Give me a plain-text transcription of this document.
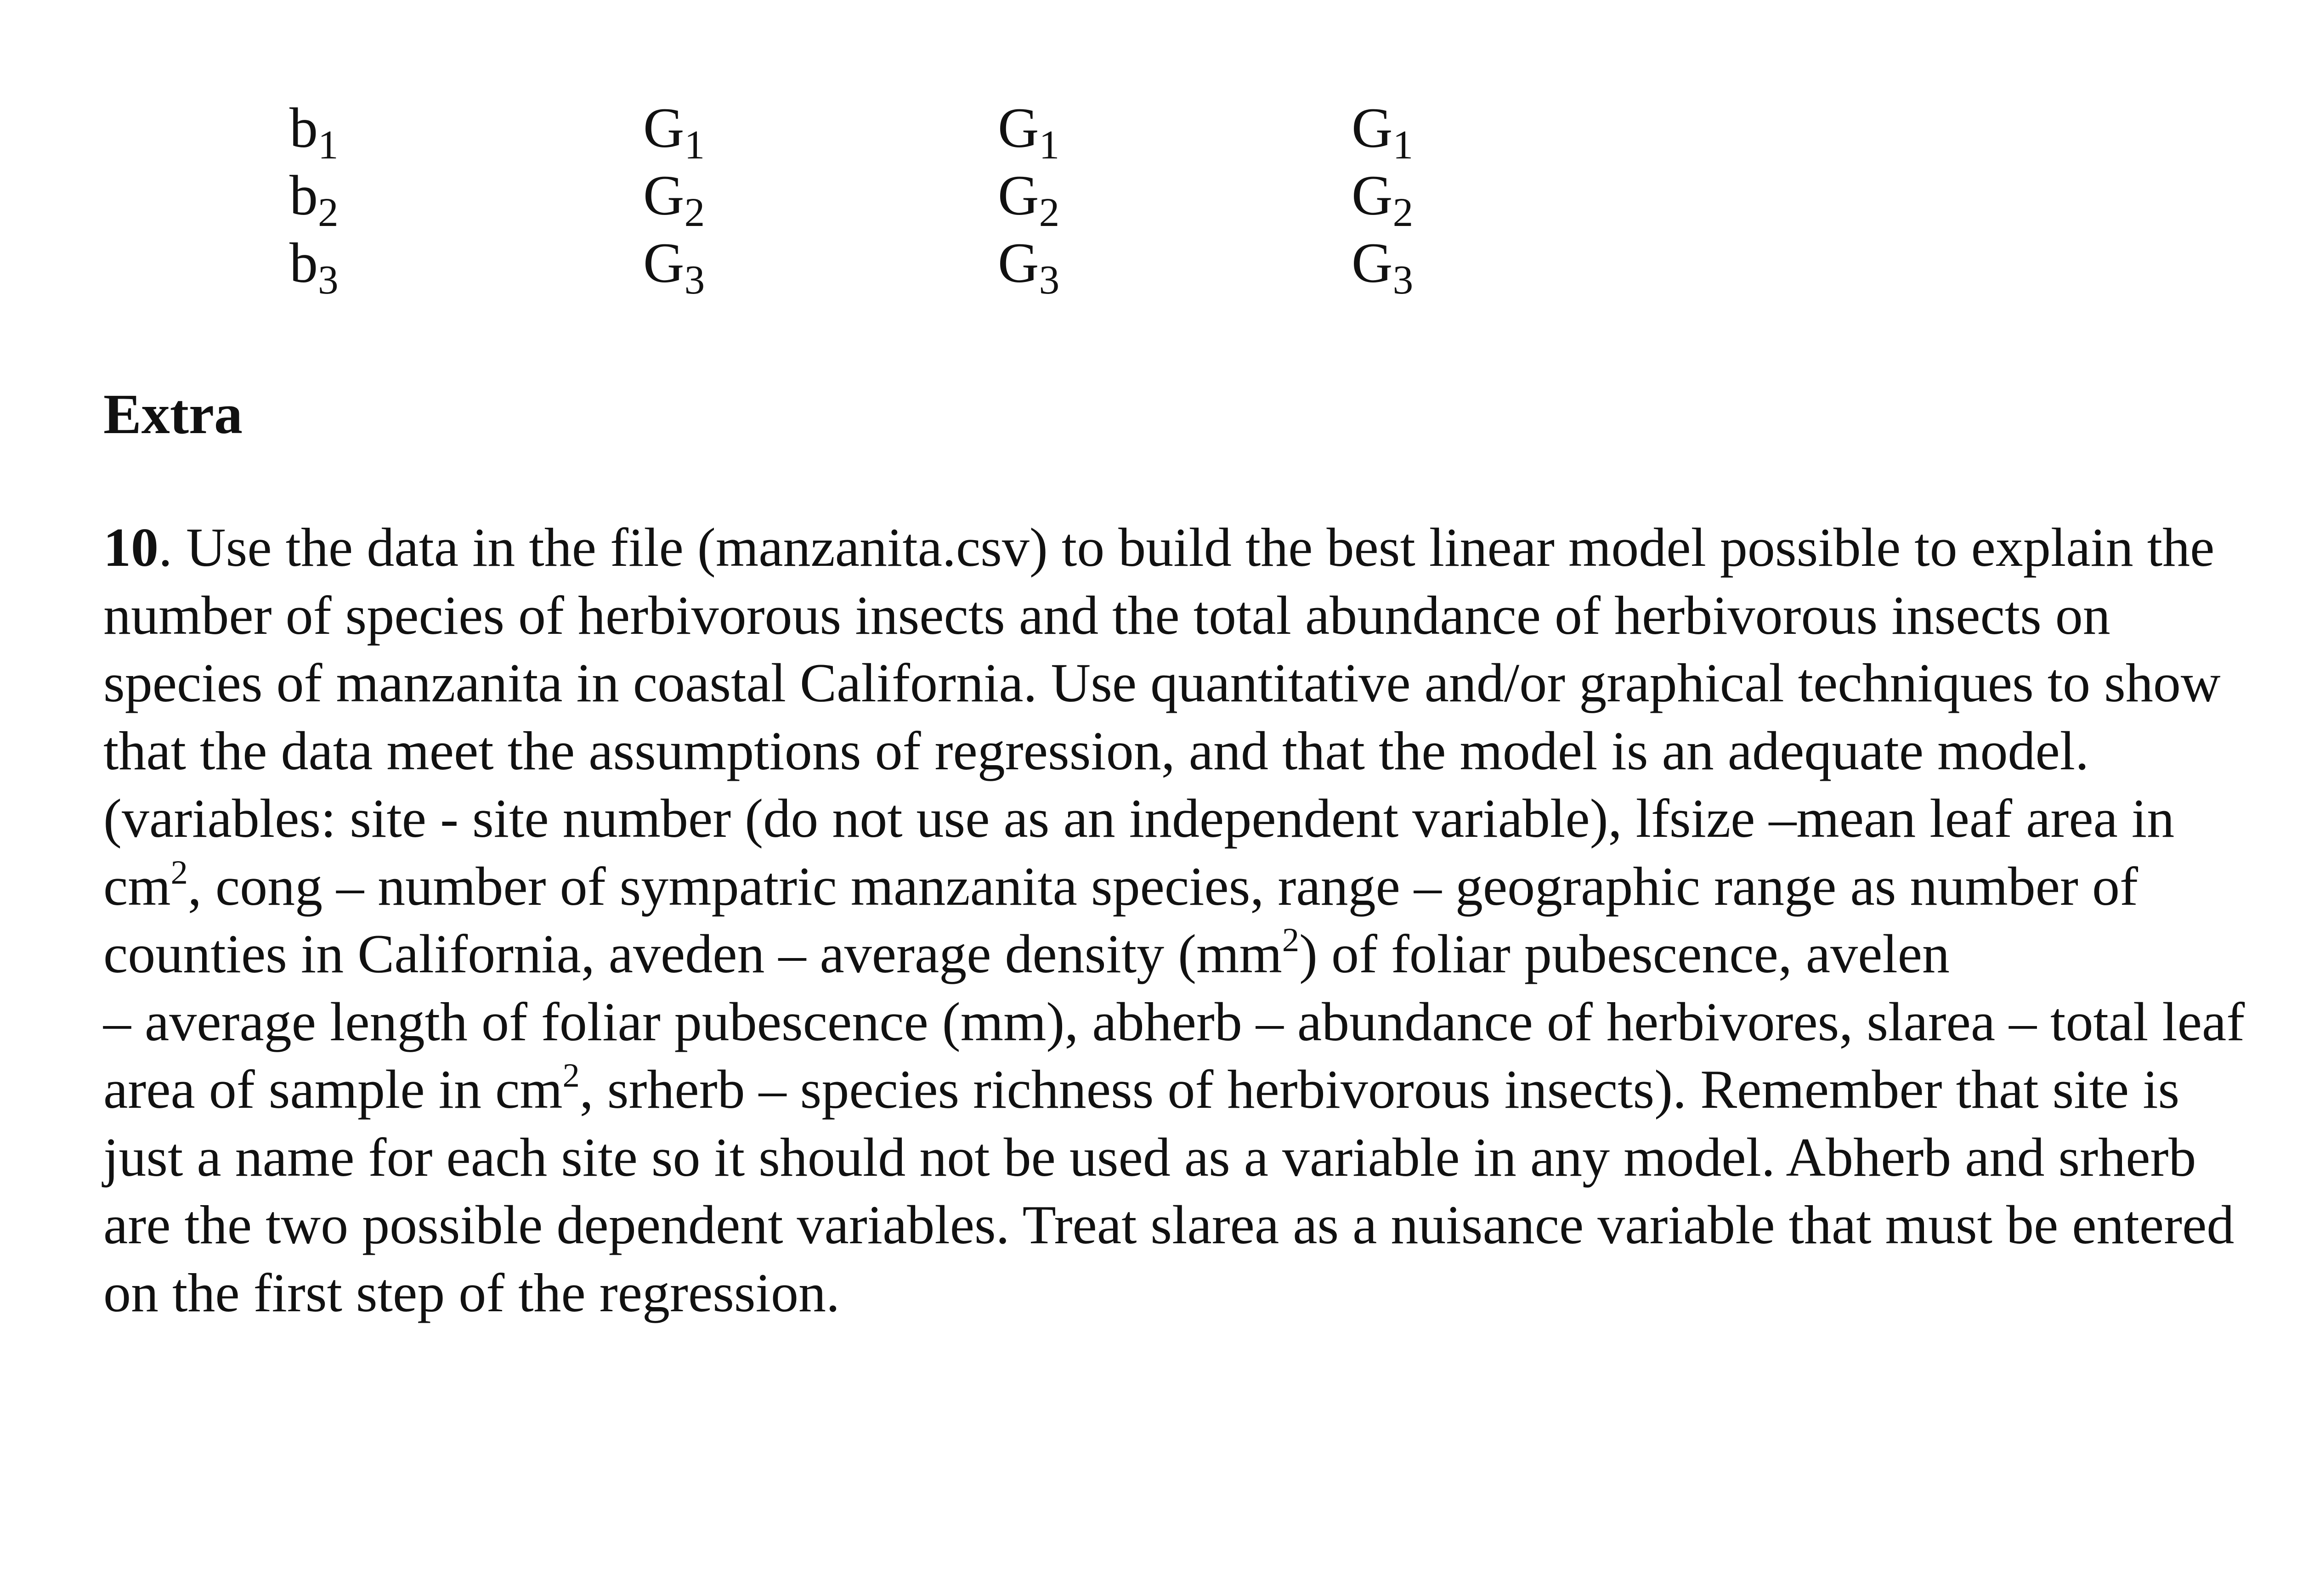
$b_1$	$G_1$	$G_1$	$G_1$
$b_2$	$G_2$	$G_2$	$G_2$
$b_3$	$G_3$	$G_3$	$G_3$
Extra
10. Use the data in the file (manzanita.csv) to build the best linear model possible to explain the
number of species of herbivorous insects and the total abundance of herbivorous insects on
species of manzanita in coastal California. Use quantitative and/or graphical techniques to show
that the data meet the assumptions of regression, and that the model is an adequate model.
(variables: site - site number (do not use as an independent variable), lfsize –mean leaf area in
$cm^2$, cong – number of sympatric manzanita species, range – geographic range as number of
counties in California, aveden – average density $(mm^2)$ of foliar pubescence, avelen
– average length of foliar pubescence (mm), abherb – abundance of herbivores, slarea – total leaf
area of sample in $cm^2$, srherb – species richness of herbivorous insects). Remember that site is
just a name for each site so it should not be used as a variable in any model. Abherb and srherb
are the two possible dependent variables. Treat slarea as a nuisance variable that must be entered
on the first step of the regression.
